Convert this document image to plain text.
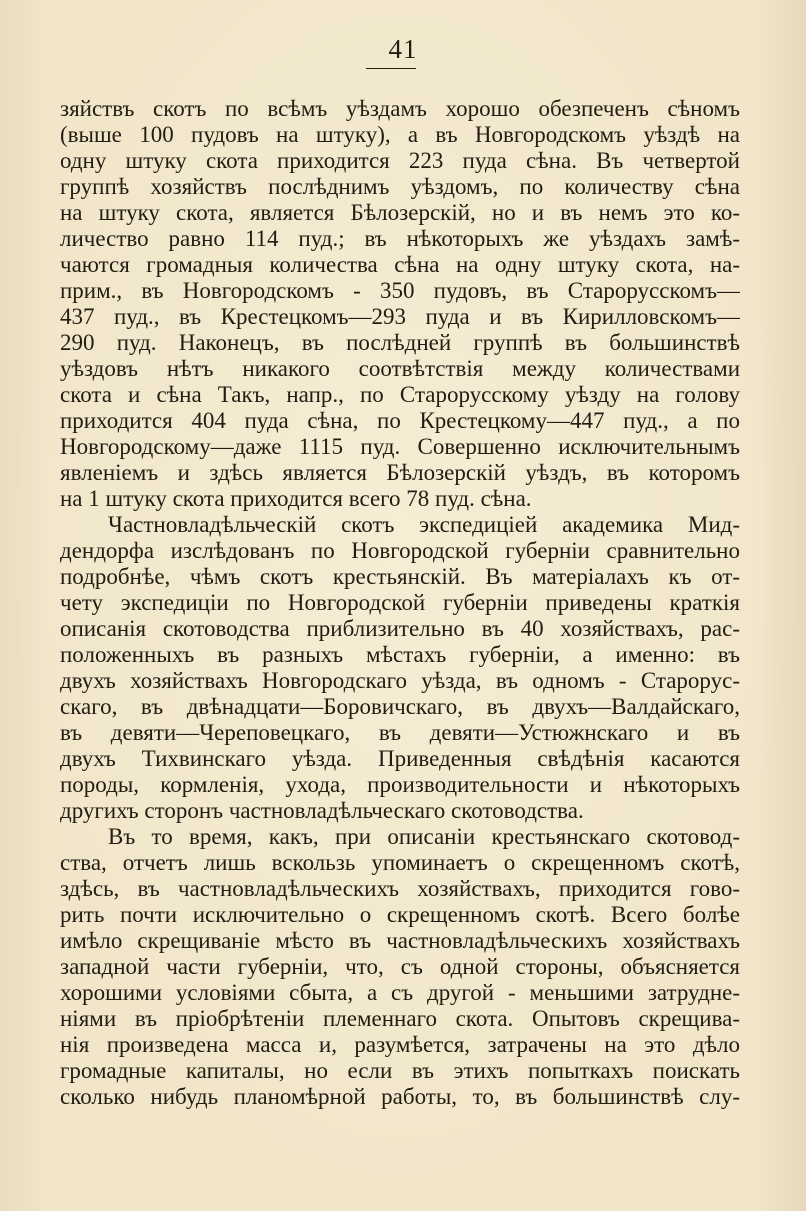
41
зяйствъ скотъ по всѣмъ уѣздамъ хорошо обезпеченъ сѣномъ
(выше 100 пудовъ на штуку), а въ Новгородскомъ уѣздѣ на
одну штуку скота приходится 223 пуда сѣна. Въ четвертой
группѣ хозяйствъ послѣднимъ уѣздомъ, по количеству сѣна
на штуку скота, является Бѣлозерскій, но и въ немъ это ко-
личество равно 114 пуд.; въ нѣкоторыхъ же уѣздахъ замѣ-
чаются громадныя количества сѣна на одну штуку скота, на-
прим., въ Новгородскомъ - 350 пудовъ, въ Старорусскомъ—
437 пуд., въ Крестецкомъ—293 пуда и въ Кирилловскомъ—
290 пуд. Наконецъ, въ послѣдней группѣ въ большинствѣ
уѣздовъ нѣтъ никакого соотвѣтствія между количествами
скота и сѣна Такъ, напр., по Старорусскому уѣзду на голову
приходится 404 пуда сѣна, по Крестецкому—447 пуд., а по
Новгородскому—даже 1115 пуд. Совершенно исключительнымъ
явленіемъ и здѣсь является Бѣлозерскій уѣздъ, въ которомъ
на 1 штуку скота приходится всего 78 пуд. сѣна.
Частновладѣльческій скотъ экспедиціей академика Мид-
дендорфа изслѣдованъ по Новгородской губерніи сравнительно
подробнѣе, чѣмъ скотъ крестьянскій. Въ матеріалахъ къ от-
чету экспедиціи по Новгородской губерніи приведены краткія
описанія скотоводства приблизительно въ 40 хозяйствахъ, рас-
положенныхъ въ разныхъ мѣстахъ губерніи, а именно: въ
двухъ хозяйствахъ Новгородскаго уѣзда, въ одномъ - Старорус-
скаго, въ двѣнадцати—Боровичскаго, въ двухъ—Валдайскаго,
въ девяти—Череповецкаго, въ девяти—Устюжнскаго и въ
двухъ Тихвинскаго уѣзда. Приведенныя свѣдѣнія касаются
породы, кормленія, ухода, производительности и нѣкоторыхъ
другихъ сторонъ частновладѣльческаго скотоводства.
Въ то время, какъ, при описаніи крестьянскаго скотовод-
ства, отчетъ лишь вскользь упоминаетъ о скрещенномъ скотѣ,
здѣсь, въ частновладѣльческихъ хозяйствахъ, приходится гово-
рить почти исключительно о скрещенномъ скотѣ. Всего болѣе
имѣло скрещиваніе мѣсто въ частновладѣльческихъ хозяйствахъ
западной части губерніи, что, съ одной стороны, объясняется
хорошими условіями сбыта, а съ другой - меньшими затрудне-
ніями въ пріобрѣтеніи племеннаго скота. Опытовъ скрещива-
нія произведена масса и, разумѣется, затрачены на это дѣло
громадные капиталы, но если въ этихъ попыткахъ поискать
сколько нибудь планомѣрной работы, то, въ большинствѣ слу-
